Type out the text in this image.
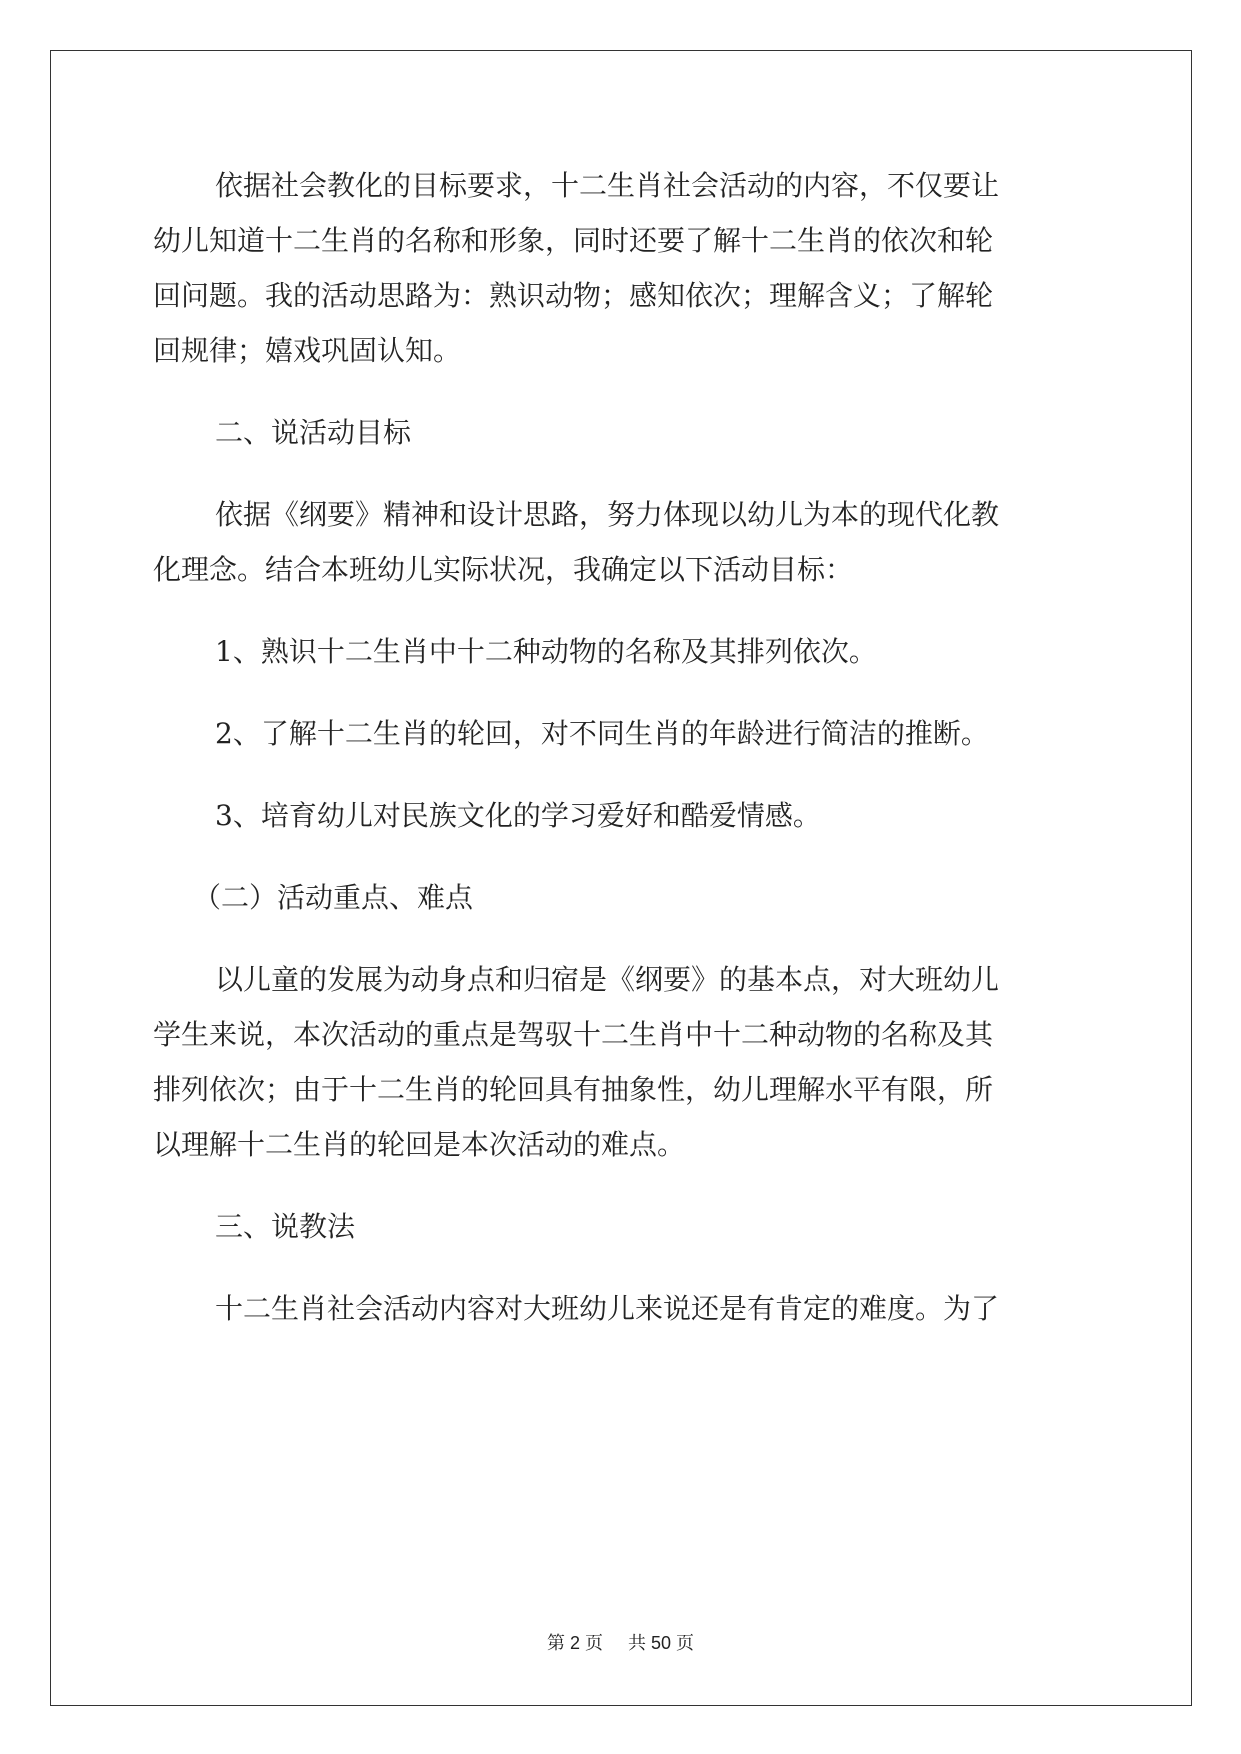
依据社会教化的目标要求，十二生肖社会活动的内容，不仅要让
幼儿知道十二生肖的名称和形象，同时还要了解十二生肖的依次和轮
回问题。我的活动思路为：熟识动物；感知依次；理解含义；了解轮
回规律；嬉戏巩固认知。

二、说活动目标

依据《纲要》精神和设计思路，努力体现以幼儿为本的现代化教
化理念。结合本班幼儿实际状况，我确定以下活动目标：

1、熟识十二生肖中十二种动物的名称及其排列依次。

2、了解十二生肖的轮回，对不同生肖的年龄进行简洁的推断。

3、培育幼儿对民族文化的学习爱好和酷爱情感。

（二）活动重点、难点

以儿童的发展为动身点和归宿是《纲要》的基本点，对大班幼儿
学生来说，本次活动的重点是驾驭十二生肖中十二种动物的名称及其
排列依次；由于十二生肖的轮回具有抽象性，幼儿理解水平有限，所
以理解十二生肖的轮回是本次活动的难点。

三、说教法

十二生肖社会活动内容对大班幼儿来说还是有肯定的难度。为了

第 2 页 共 50 页
